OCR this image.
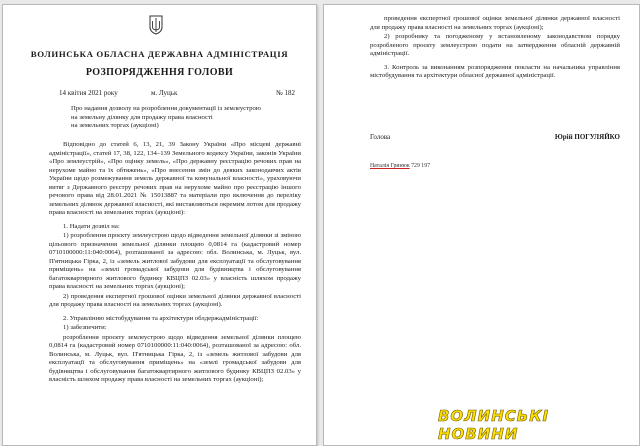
ВОЛИНСЬКА ОБЛАСНА ДЕРЖАВНА АДМІНІСТРАЦІЯ
РОЗПОРЯДЖЕННЯ ГОЛОВИ
14 квітня 2021 року	м. Луцьк	№ 182

Про надання дозволу на розроблення документації із землеустрою

на земельну ділянку для продажу права власності

на земельних торгах (аукціоні)

Відповідно до статей 6, 13, 21, 39 Закону України «Про місцеві державні адміністрації», статей 17, 38, 122, 134–139 Земельного кодексу України, законів України «Про землеустрій», «Про оцінку земель», «Про державну реєстрацію речових прав на нерухоме майно та їх обтяжень», «Про внесення змін до деяких законодавчих актів України щодо розмежування земель державної та комунальної власності», ураховуючи витяг з Державного реєстру речових прав на нерухоме майно про реєстрацію іншого речового права від 28.01.2021 № 15013887 та матеріали про включення до переліку земельних ділянок державної власності, які виставляються окремим лотом для продажу права власності на земельних торгах (аукціоні):

1. Надати дозвіл на:

1) розроблення проєкту землеустрою щодо відведення земельної ділянки зі зміною цільового призначення земельної ділянки площею 0,0814 га (кадастровий номер 0710100000:11:040:0064), розташованої за адресою: обл. Волинська, м. Луцьк, вул. П'ятницька Гірка, 2, із «земель житлової забудови для експлуатації та обслуговування приміщень» на «землі громадської забудови для будівництва і обслуговування багатоквартирного житлового будинку КВЦПЗ 02.03» у власність шляхом продажу права власності на земельних торгах (аукціоні);

2) проведення експертної грошової оцінки земельної ділянки державної власності для продажу права власності на земельних торгах (аукціоні).

2. Управлінню містобудування та архітектури облдержадміністрації:

1) забезпечити:

розроблення проєкту землеустрою щодо відведення земельної ділянки площею 0,0814 га (кадастровий номер 0710100000:11:040:0064), розташованої за адресою: обл. Волинська, м. Луцьк, вул. П'ятницька Гірка, 2, із «земель житлової забудови для експлуатації та обслуговування приміщень» на «землі громадської забудови для будівництва і обслуговування багатоквартирного житлового будинку КВЦПЗ 02.03» у власність шляхом продажу права власності на земельних торгах (аукціоні);

проведення експертної грошової оцінки земельної ділянки державної власності для продажу права власності на земельних торгах (аукціоні);

2) розробнику та погодженому у встановленому законодавством порядку розробленого проєкту землеустрою подати на затвердження обласній державній адміністрації.

3. Контроль за виконанням розпорядження покласти на начальника управління містобудування та архітектури обласної державної адміністрації.

Голова	Юрій ПОГУЛЯЙКО
Наталія Гринюк 729 197
ВОЛИНСЬКІ НОВИНИ
